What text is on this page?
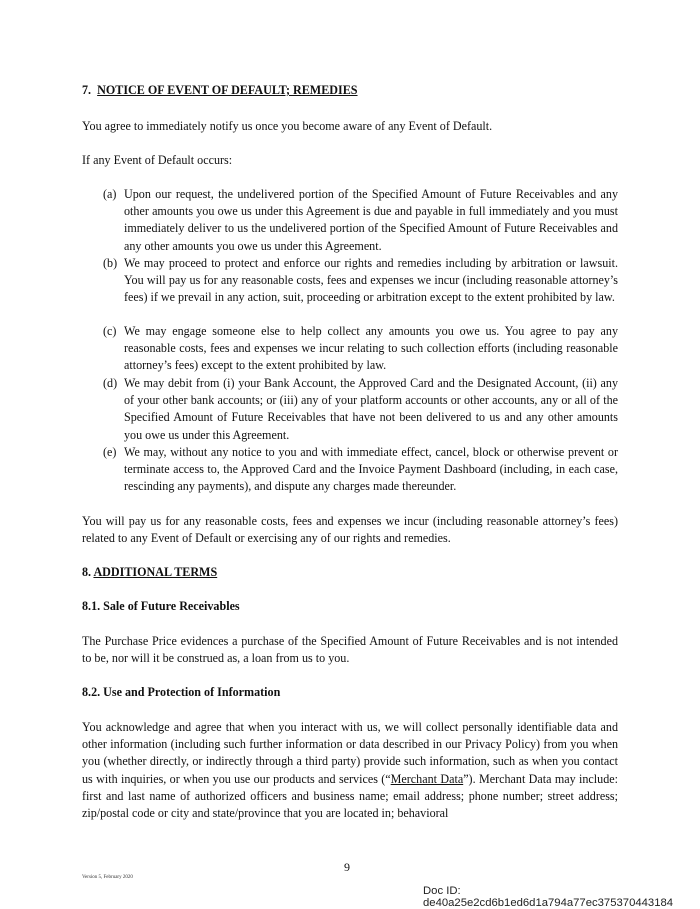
7. NOTICE OF EVENT OF DEFAULT; REMEDIES

You agree to immediately notify us once you become aware of any Event of Default.

If any Event of Default occurs:

(a) Upon our request, the undelivered portion of the Specified Amount of Future Receivables and any other amounts you owe us under this Agreement is due and payable in full immediately and you must immediately deliver to us the undelivered portion of the Specified Amount of Future Receivables and any other amounts you owe us under this Agreement.
(b) We may proceed to protect and enforce our rights and remedies including by arbitration or lawsuit. You will pay us for any reasonable costs, fees and expenses we incur (including reasonable attorney’s fees) if we prevail in any action, suit, proceeding or arbitration except to the extent prohibited by law.
(c) We may engage someone else to help collect any amounts you owe us. You agree to pay any reasonable costs, fees and expenses we incur relating to such collection efforts (including reasonable attorney’s fees) except to the extent prohibited by law.
(d) We may debit from (i) your Bank Account, the Approved Card and the Designated Account, (ii) any of your other bank accounts; or (iii) any of your platform accounts or other accounts, any or all of the Specified Amount of Future Receivables that have not been delivered to us and any other amounts you owe us under this Agreement.
(e) We may, without any notice to you and with immediate effect, cancel, block or otherwise prevent or terminate access to, the Approved Card and the Invoice Payment Dashboard (including, in each case, rescinding any payments), and dispute any charges made thereunder.

You will pay us for any reasonable costs, fees and expenses we incur (including reasonable attorney’s fees) related to any Event of Default or exercising any of our rights and remedies.

8. ADDITIONAL TERMS
8.1. Sale of Future Receivables

The Purchase Price evidences a purchase of the Specified Amount of Future Receivables and is not intended to be, nor will it be construed as, a loan from us to you.

8.2. Use and Protection of Information

You acknowledge and agree that when you interact with us, we will collect personally identifiable data and other information (including such further information or data described in our Privacy Policy) from you when you (whether directly, or indirectly through a third party) provide such information, such as when you contact us with inquiries, or when you use our products and services (“Merchant Data”). Merchant Data may include: first and last name of authorized officers and business name; email address; phone number; street address; zip/postal code or city and state/province that you are located in; behavioral

9
Version 5, February 2020
Doc ID: de40a25e2cd6b1ed6d1a794a77ec375370443184
